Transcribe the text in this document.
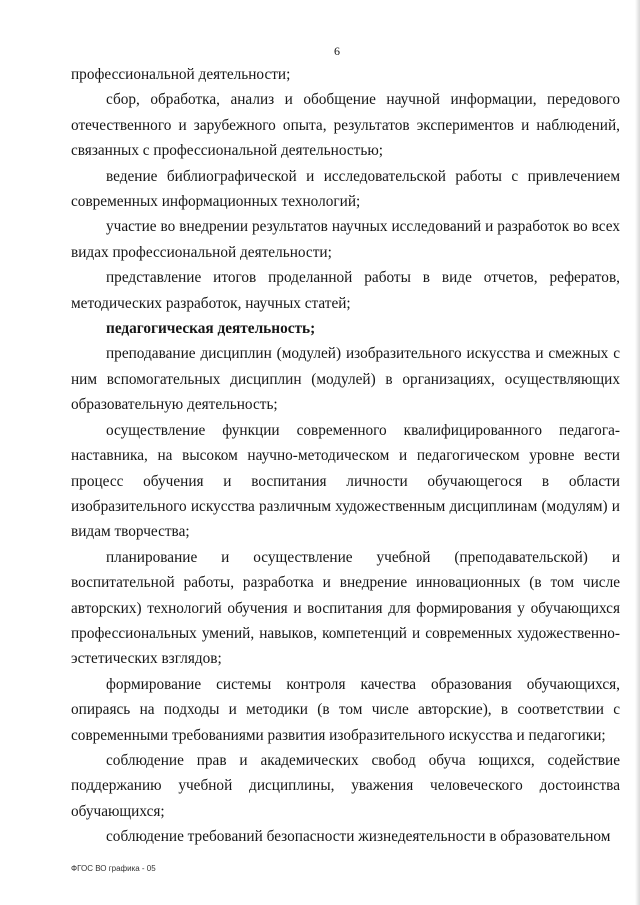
6

профессиональной деятельности;

сбор, обработка, анализ и обобщение научной информации, передового отечественного и зарубежного опыта, результатов экспериментов и наблюдений, связанных с профессиональной деятельностью;

ведение библиографической и исследовательской работы с привлечением современных информационных технологий;

участие во внедрении результатов научных исследований и разработок во всех видах профессиональной деятельности;

представление итогов проделанной работы в виде отчетов, рефератов, методических разработок, научных статей;

педагогическая деятельность;

преподавание дисциплин (модулей) изобразительного искусства и смежных с ним вспомогательных дисциплин (модулей) в организациях, осуществляющих образовательную деятельность;

осуществление функции современного квалифицированного педагога-наставника, на высоком научно-методическом и педагогическом уровне вести процесс обучения и воспитания личности обучающегося в области изобразительного искусства различным художественным дисциплинам (модулям) и видам творчества;

планирование и осуществление учебной (преподавательской) и воспитательной работы, разработка и внедрение инновационных (в том числе авторских) технологий обучения и воспитания для формирования у обучающихся профессиональных умений, навыков, компетенций и современных художественно-эстетических взглядов;

формирование системы контроля качества образования обучающихся, опираясь на подходы и методики (в том числе авторские), в соответствии с современными требованиями развития изобразительного искусства и педагогики;

соблюдение прав и академических свобод обуча ющихся, содействие поддержанию учебной дисциплины, уважения человеческого достоинства обучающихся;

соблюдение требований безопасности жизнедеятельности в образовательном

ФГОС ВО графика - 05
